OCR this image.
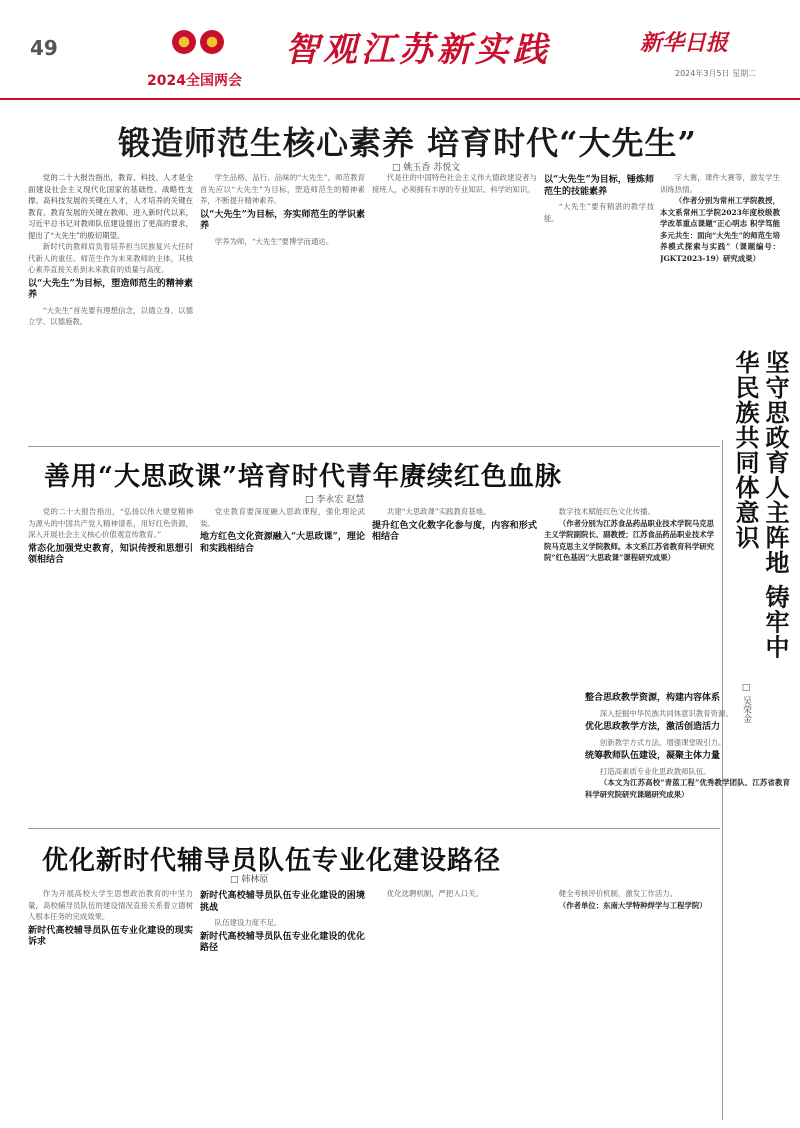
49
2024全国两会
智观江苏新实践	新华日报
2024年3月5日 星期二
锻造师范生核心素养 培育时代“大先生”
□ 姚玉香 苏悦文

党的二十大报告指出，教育、科技、人才是全面建设社会主义现代化国家的基础性、战略性支撑。高科技发展的关键在人才，人才培养的关键在教育。教育发展的关键在教师。进入新时代以来，习近平总书记对教师队伍建设提出了更高的要求，提出了“大先生”的殷切期望。

新时代的教师肩负着培养担当民族复兴大任时代新人的重任。师范生作为未来教师的主体，其核心素养直接关系到未来教育的质量与高度。

以“大先生”为目标，塑造师范生的精神素养

“大先生”首先要有理想信念，以德立身、以德立学、以德施教。

学生品格、品行、品味的“大先生”。师范教育首先应以“大先生”为目标，塑造师范生的精神素养，不断提升精神素养。

以“大先生”为目标，夯实师范生的学识素养

学养为师，“大先生”要博学而通达。

代是往的中国特色社会主义伟大德政建设者与接班人，必须拥有丰厚的专业知识、科学的知识。

以“大先生”为目标，锤炼师范生的技能素养

“大先生”要有精湛的教学技能。

字大赛，课件大赛等，激发学生训练热情。

（作者分别为常州工学院教授，本文系常州工学院2023年度校级教学改革重点课题“正心明志 积学笃能 多元共生：面向“大先生”的师范生培养模式探索与实践”（课题编号：JGKT2023-19）研究成果）

善用“大思政课”培育时代青年赓续红色血脉
□ 李永宏 赵慧

党的二十大报告指出，“弘扬以伟大建党精神为源头的中国共产党人精神谱系，用好红色资源，深入开展社会主义核心价值观宣传教育。”

常态化加强党史教育，知识传授和思想引领相结合

党史教育要深度融入思政课程，强化理论武装。

地方红色文化资源融入“大思政课”，理论和实践相结合

共建“大思政课”实践教育基地。

提升红色文化数字化参与度，内容和形式相结合

数字技术赋能红色文化传播。

（作者分别为江苏食品药品职业技术学院马克思主义学院副院长、副教授；江苏食品药品职业技术学院马克思主义学院教师。本文系江苏省教育科学研究院“红色基因”大思政课”课程研究成果）

优化新时代辅导员队伍专业化建设路径
□ 韩林原

作为开展高校大学生思想政治教育的中坚力量，高校辅导员队伍的建设情况直接关系着立德树人根本任务的完成效果。

新时代高校辅导员队伍专业化建设的现实诉求
新时代高校辅导员队伍专业化建设的困境挑战

队伍建设力度不足。

新时代高校辅导员队伍专业化建设的优化路径

优化选聘机制，严把入口关。	健全考核评价机制，激发工作活力。

（作者单位：东南大学特种焊学与工程学院）

坚守思政育人主阵地 铸牢中华民族共同体意识
□ 吴荣金
整合思政教学资源，构建内容体系

深入挖掘中华民族共同体意识教育资源。

优化思政教学方法，激活创造活力

创新教学方式方法，增强课堂吸引力。

统筹教师队伍建设，凝聚主体力量

打造高素质专业化思政教师队伍。

（本文为江苏高校“青蓝工程”优秀教学团队、江苏省教育科学研究院研究课题研究成果）
